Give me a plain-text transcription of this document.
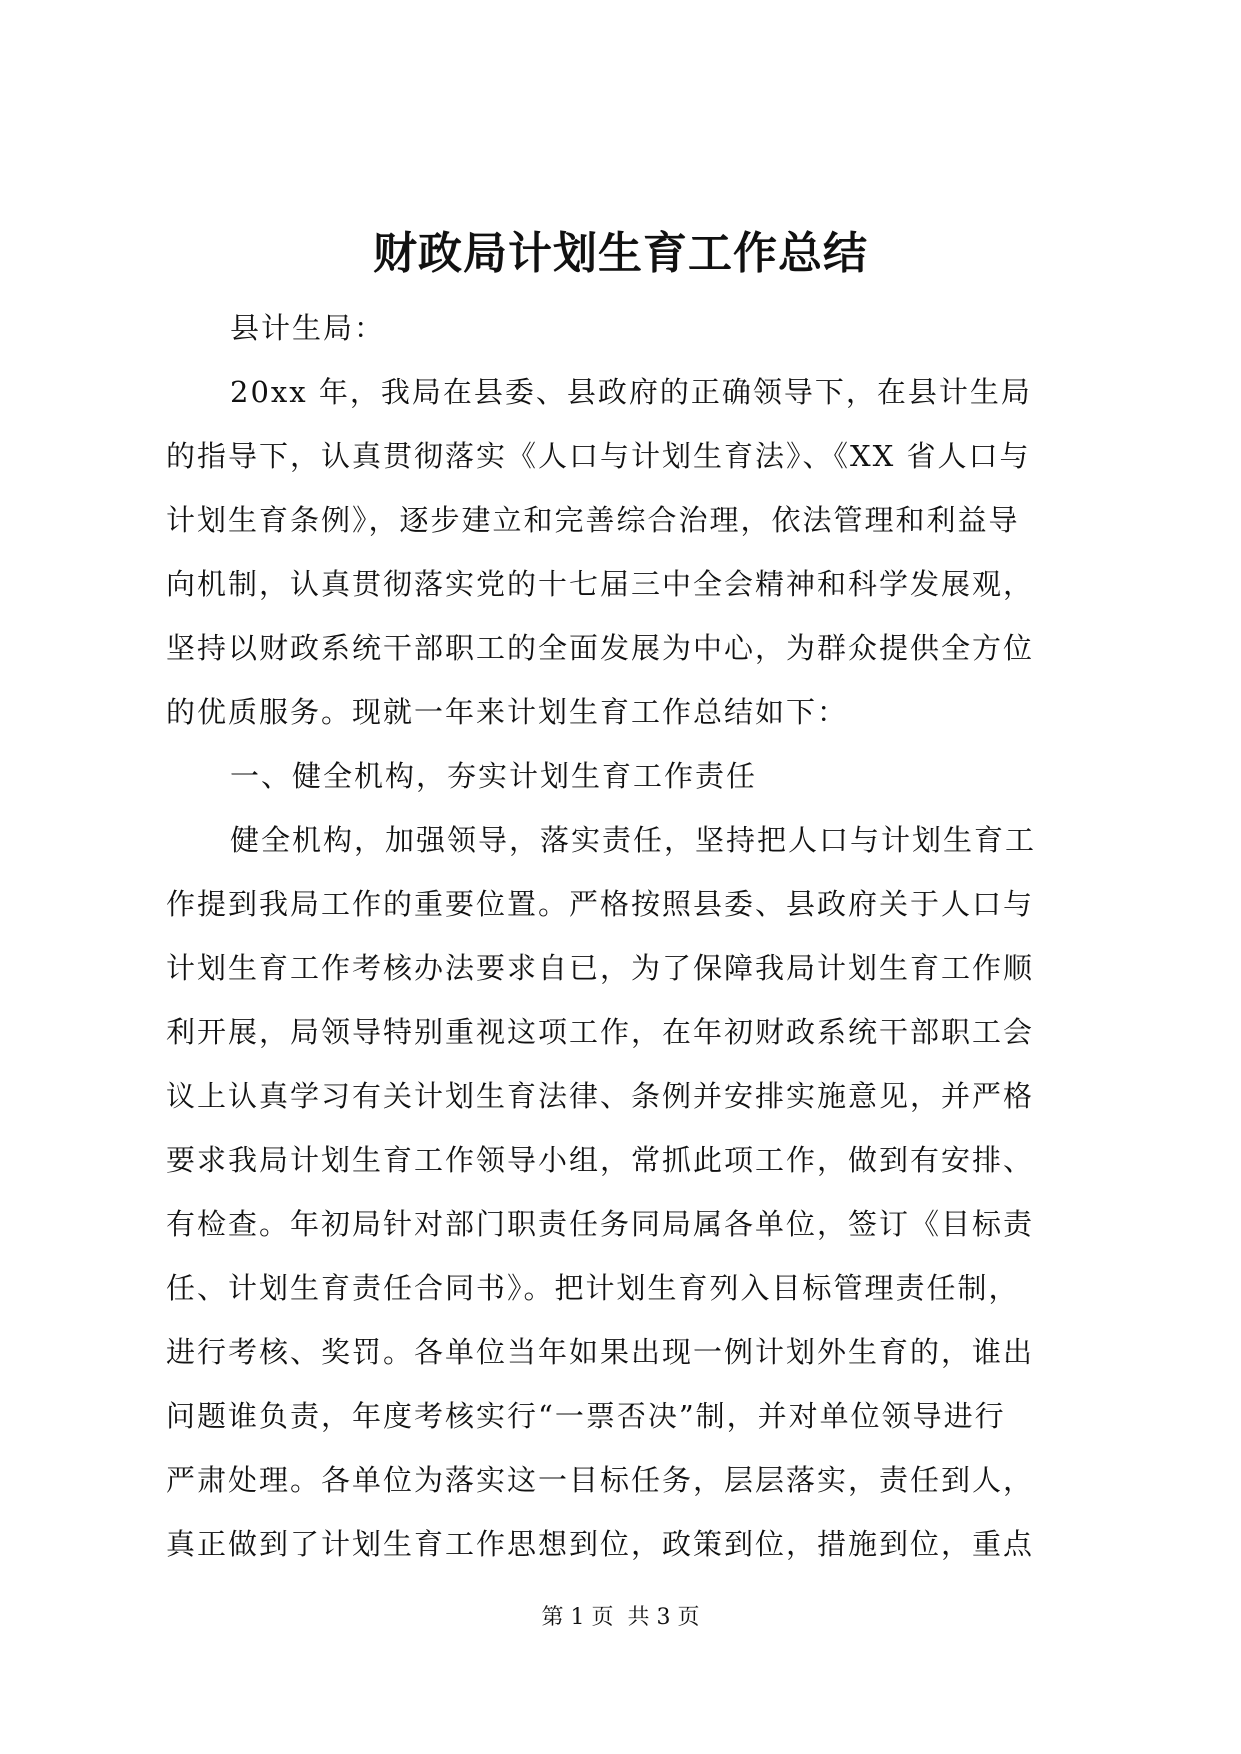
财政局计划生育工作总结
县计生局：
20xx 年，我局在县委、县政府的正确领导下，在县计生局
的指导下，认真贯彻落实《人口与计划生育法》、《XX 省人口与
计划生育条例》，逐步建立和完善综合治理，依法管理和利益导
向机制，认真贯彻落实党的十七届三中全会精神和科学发展观，
坚持以财政系统干部职工的全面发展为中心，为群众提供全方位
的优质服务。现就一年来计划生育工作总结如下：
一、健全机构，夯实计划生育工作责任
健全机构，加强领导，落实责任，坚持把人口与计划生育工
作提到我局工作的重要位置。严格按照县委、县政府关于人口与
计划生育工作考核办法要求自已，为了保障我局计划生育工作顺
利开展，局领导特别重视这项工作，在年初财政系统干部职工会
议上认真学习有关计划生育法律、条例并安排实施意见，并严格
要求我局计划生育工作领导小组，常抓此项工作，做到有安排、
有检查。年初局针对部门职责任务同局属各单位，签订《目标责
任、计划生育责任合同书》。把计划生育列入目标管理责任制，
进行考核、奖罚。各单位当年如果出现一例计划外生育的，谁出
问题谁负责，年度考核实行“一票否决”制，并对单位领导进行
严肃处理。各单位为落实这一目标任务，层层落实，责任到人，
真正做到了计划生育工作思想到位，政策到位，措施到位，重点
第 1 页 共 3 页
